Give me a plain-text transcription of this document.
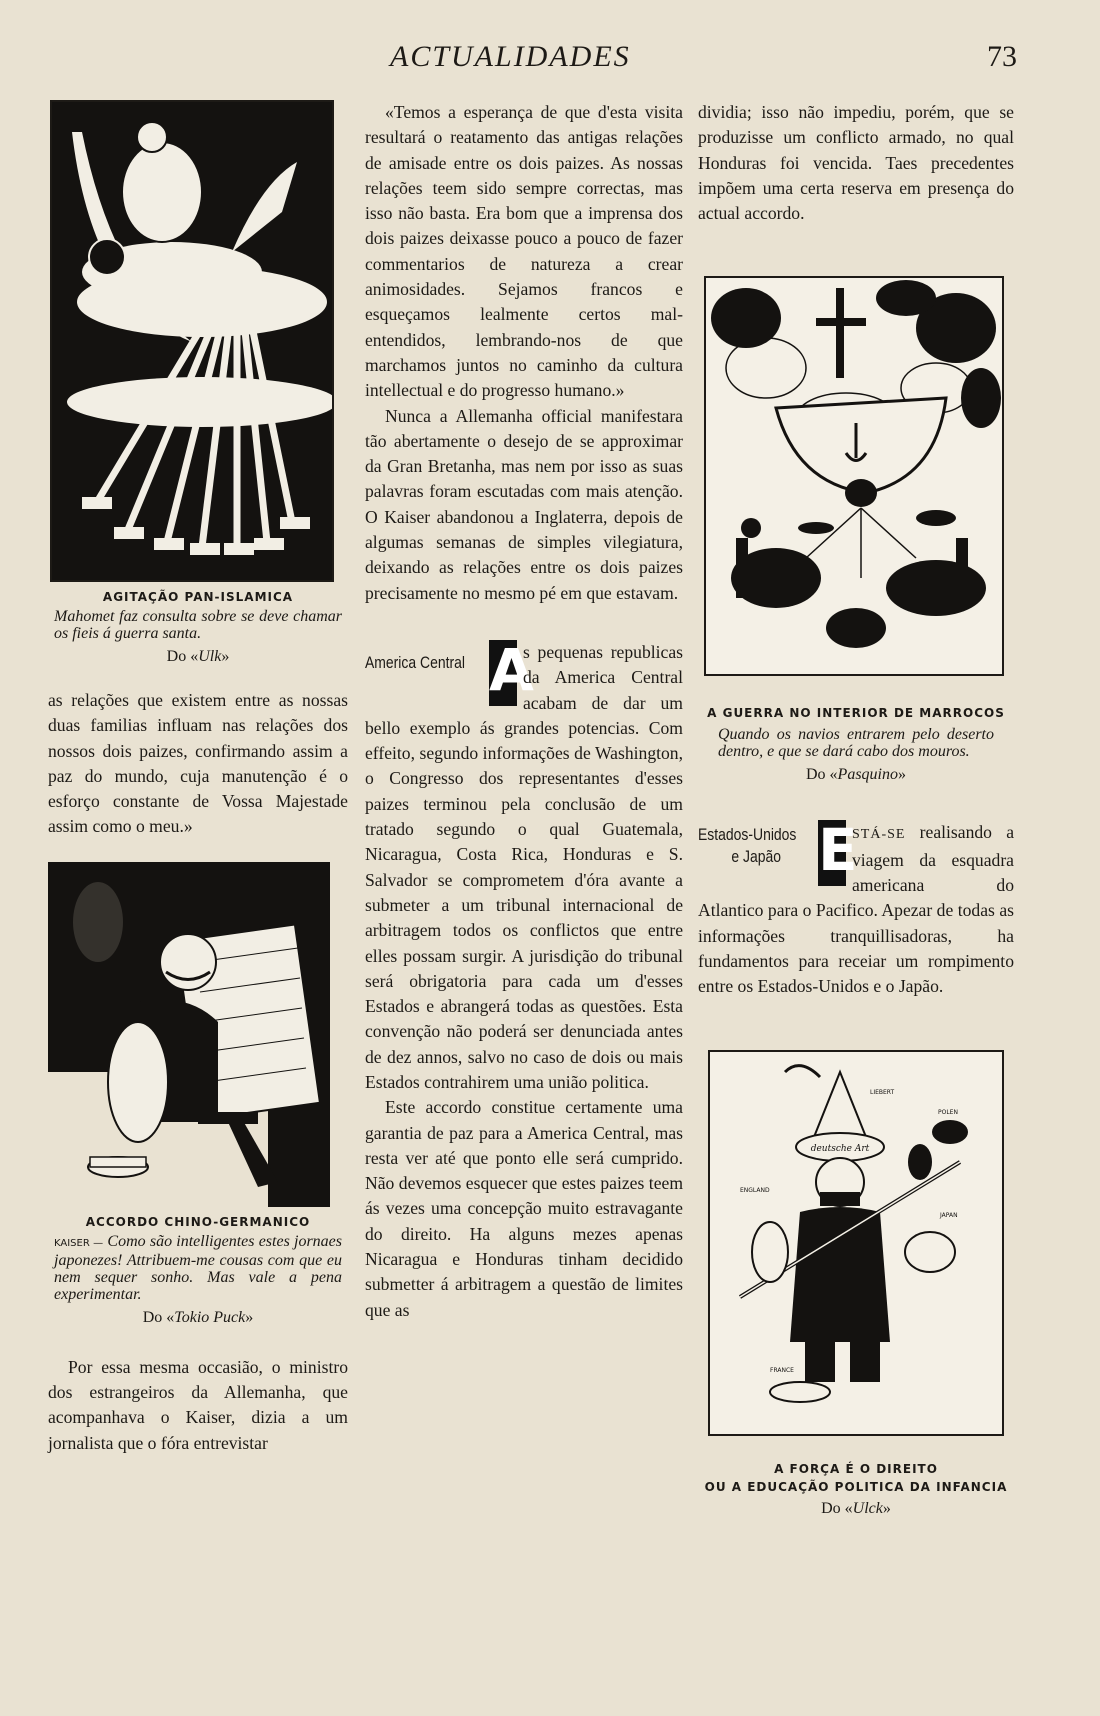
ACTUALIDADES	73
AGITAÇÃO PAN-ISLAMICA

Mahomet faz consulta sobre se deve chamar os fieis á guerra santa.

Do «Ulk»

as relações que existem entre as nossas duas familias influam nas relações dos nossos dois paizes, confirmando assim a paz do mundo, cuja manutenção é o esforço constante de Vossa Majestade assim como o meu.»

ACCORDO CHINO-GERMANICO

KAISER — Como são intelligentes estes jornaes japonezes! Attribuem-me cousas com que eu nem sequer sonho. Mas vale a pena experimentar.

Do «Tokio Puck»

Por essa mesma occasião, o ministro dos estrangeiros da Allemanha, que acompanhava o Kaiser, dizia a um jornalista que o fóra entrevistar

«Temos a esperança de que d'esta visita resultará o reatamento das antigas relações de amisade entre os dois paizes. As nossas relações teem sido sempre correctas, mas isso não basta. Era bom que a imprensa dos dois paizes deixasse pouco a pouco de fazer commentarios de natureza a crear animosidades. Sejamos francos e esqueçamos lealmente certos mal-entendidos, lembrando-nos de que marchamos juntos no caminho da cultura intellectual e do progresso humano.»

Nunca a Allemanha official manifestara tão abertamente o desejo de se approximar da Gran Bretanha, mas nem por isso as suas palavras foram escutadas com mais atenção. O Kaiser abandonou a Inglaterra, depois de algumas semanas de simples vilegiatura, deixando as relações entre os dois paizes precisamente no mesmo pé em que estavam.

America Central A
s pequenas republicas da America Central acabam de dar um bello exemplo ás grandes potencias. Com effeito, segundo informações de Washington, o Congresso dos representantes d'esses paizes terminou pela conclusão de um tratado segundo o qual Guatemala, Nicaragua, Costa Rica, Honduras e S. Salvador se comprometem d'óra avante a submeter a um tribunal internacional de arbitragem todos os conflictos que entre elles possam surgir. A jurisdição do tribunal será obrigatoria para cada um d'esses Estados e abrangerá todas as questões. Esta convenção não poderá ser denunciada antes de dez annos, salvo no caso de dois ou mais Estados contrahirem uma união politica.

Este accordo constitue certamente uma garantia de paz para a America Central, mas resta ver até que ponto elle será cumprido. Não devemos esquecer que estes paizes teem ás vezes uma concepção muito estravagante do direito. Ha alguns mezes apenas Nicaragua e Honduras tinham decidido submetter á arbitragem a questão de limites que as

dividia; isso não impediu, porém, que se produzisse um conflicto armado, no qual Honduras foi vencida. Taes precedentes impõem uma certa reserva em presença do actual accordo.

A GUERRA NO INTERIOR DE MARROCOS

Quando os navios entrarem pelo deserto dentro, e que se dará cabo dos mouros.

Do «Pasquino»
Estados-Unidos
e Japão E
STÁ-SE realisando a viagem da esquadra americana do Atlantico para o Pacifico. Apezar de todas as informações tranquillisadoras, ha fundamentos para receiar um rompimento entre os Estados-Unidos e o Japão.
deutsche Art
LIEBERT
POLEN
ENGLAND
JAPAN
FRANCE
A FORÇA É O DIREITO
OU A EDUCAÇÃO POLITICA DA INFANCIA
Do «Ulck»
